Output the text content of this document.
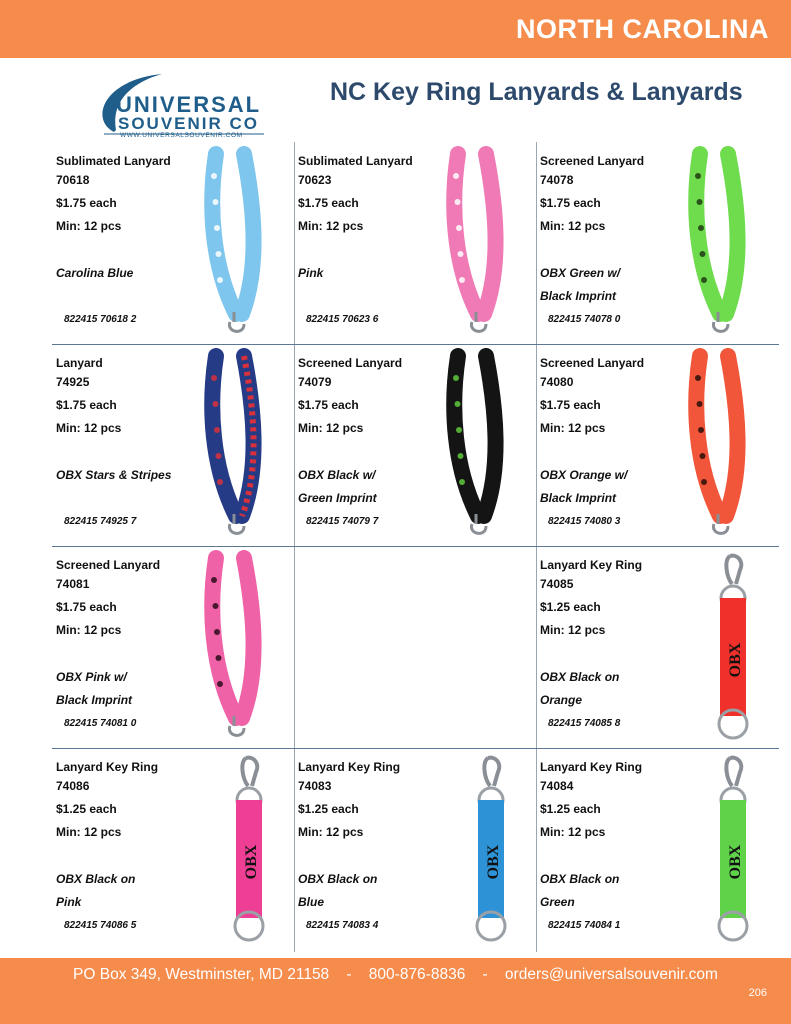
NORTH CAROLINA
UNIVERSAL
SOUVENIR CO
WWW.UNIVERSALSOUVENIR.COM
NC Key Ring Lanyards & Lanyards
Sublimated Lanyard
70618
$1.75 each
Min: 12 pcs
Carolina Blue
822415 70618 2
Sublimated Lanyard
70623
$1.75 each
Min: 12 pcs
Pink
822415 70623 6
Screened Lanyard
74078
$1.75 each
Min: 12 pcs
OBX Green w/
Black Imprint
822415 74078 0
Lanyard
74925
$1.75 each
Min: 12 pcs
OBX Stars & Stripes
822415 74925 7
Screened Lanyard
74079
$1.75 each
Min: 12 pcs
OBX Black w/
Green Imprint
822415 74079 7
Screened Lanyard
74080
$1.75 each
Min: 12 pcs
OBX Orange w/
Black Imprint
822415 74080 3
Screened Lanyard
74081
$1.75 each
Min: 12 pcs
OBX Pink w/
Black Imprint
822415 74081 0
Lanyard Key Ring
74085
$1.25 each
Min: 12 pcs
OBX Black on
Orange
822415 74085 8
OBX
Lanyard Key Ring
74086
$1.25 each
Min: 12 pcs
OBX Black on
Pink
822415 74086 5
OBX
Lanyard Key Ring
74083
$1.25 each
Min: 12 pcs
OBX Black on
Blue
822415 74083 4
OBX
Lanyard Key Ring
74084
$1.25 each
Min: 12 pcs
OBX Black on
Green
822415 74084 1
OBX
PO Box 349, Westminster, MD 21158    -    800-876-8836    -    orders@universalsouvenir.com
206
